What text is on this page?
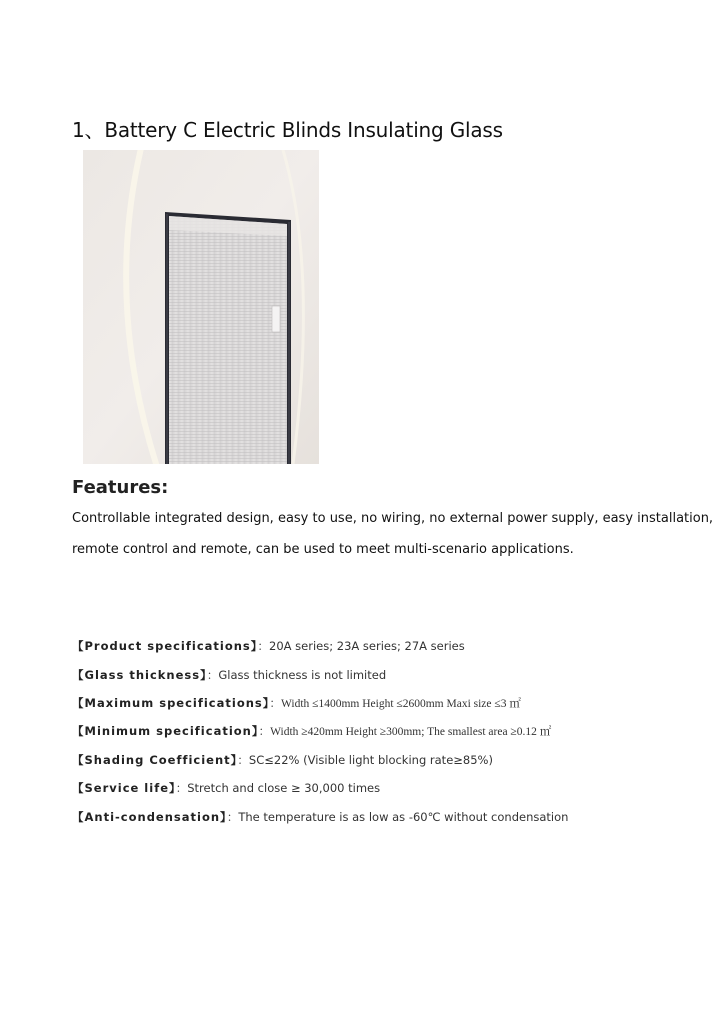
1、Battery C Electric Blinds Insulating Glass
Features:
Controllable integrated design, easy to use, no wiring, no external power supply, easy installation,
remote control and remote, can be used to meet multi-scenario applications.
【Product specifications】：20A series; 23A series; 27A series
【Glass thickness】：Glass thickness is not limited
【Maximum specifications】：Width ≤1400mm Height ≤2600mm Maxi size ≤3 ㎡
【Minimum specification】：Width ≥420mm Height ≥300mm; The smallest area ≥0.12 ㎡
【Shading Coefficient】：SC≤22% (Visible light blocking rate≥85%)
【Service life】：Stretch and close ≥ 30,000 times
【Anti-condensation】：The temperature is as low as -60℃ without condensation
